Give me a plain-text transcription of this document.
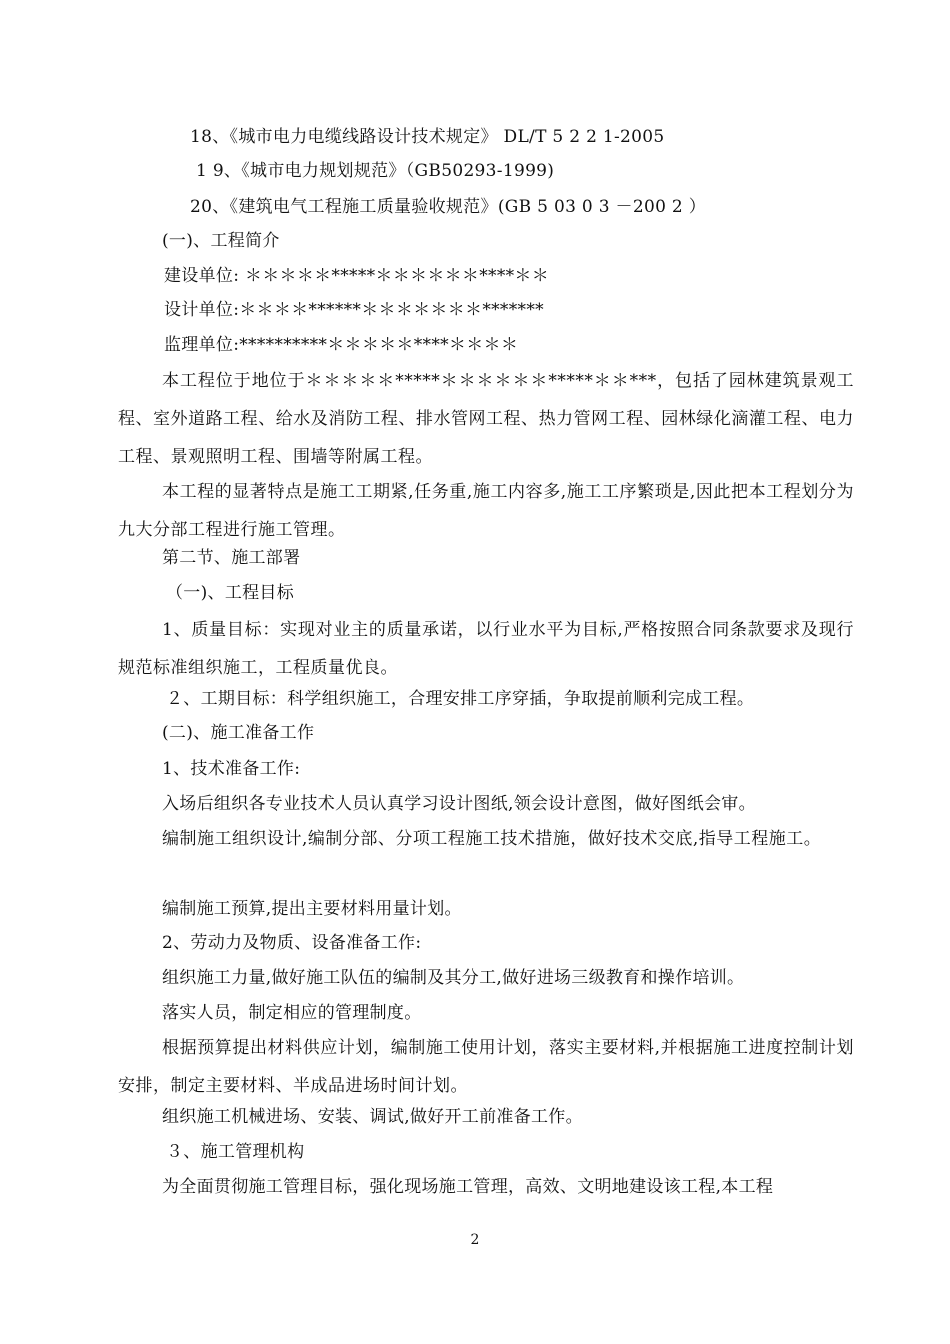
18、《城市电力电缆线路设计技术规定》 DL/T 5 2 2 1-2005
1 9、《城市电力规划规范》（GB50293-1999)
20、《建筑电气工程施工质量验收规范》(GB 5 03 0 3 －200 2 ）
(一)、工程简介
建设单位: ＊＊＊＊＊*****＊＊＊＊＊＊****＊＊
设计单位:＊＊＊＊******＊＊＊＊＊＊＊*******
监理单位:**********＊＊＊＊＊****＊＊＊＊
本工程位于地位于＊＊＊＊＊*****＊＊＊＊＊＊*****＊＊***，包括了园林建筑景观工程、室外道路工程、给水及消防工程、排水管网工程、热力管网工程、园林绿化滴灌工程、电力工程、景观照明工程、围墙等附属工程。
本工程的显著特点是施工工期紧,任务重,施工内容多,施工工序繁琐是,因此把本工程划分为九大分部工程进行施工管理。
第二节、施工部署
（一)、工程目标
1、质量目标：实现对业主的质量承诺，以行业水平为目标,严格按照合同条款要求及现行规范标准组织施工，工程质量优良。
２、工期目标：科学组织施工，合理安排工序穿插，争取提前顺利完成工程。
(二)、施工准备工作
1、技术准备工作:
入场后组织各专业技术人员认真学习设计图纸,领会设计意图，做好图纸会审。
编制施工组织设计,编制分部、分项工程施工技术措施，做好技术交底,指导工程施工。
编制施工预算,提出主要材料用量计划。
2、劳动力及物质、设备准备工作:
组织施工力量,做好施工队伍的编制及其分工,做好进场三级教育和操作培训。
落实人员，制定相应的管理制度。
根据预算提出材料供应计划，编制施工使用计划，落实主要材料,并根据施工进度控制计划安排，制定主要材料、半成品进场时间计划。
组织施工机械进场、安装、调试,做好开工前准备工作。
３、施工管理机构
为全面贯彻施工管理目标，强化现场施工管理，高效、文明地建设该工程,本工程
2
